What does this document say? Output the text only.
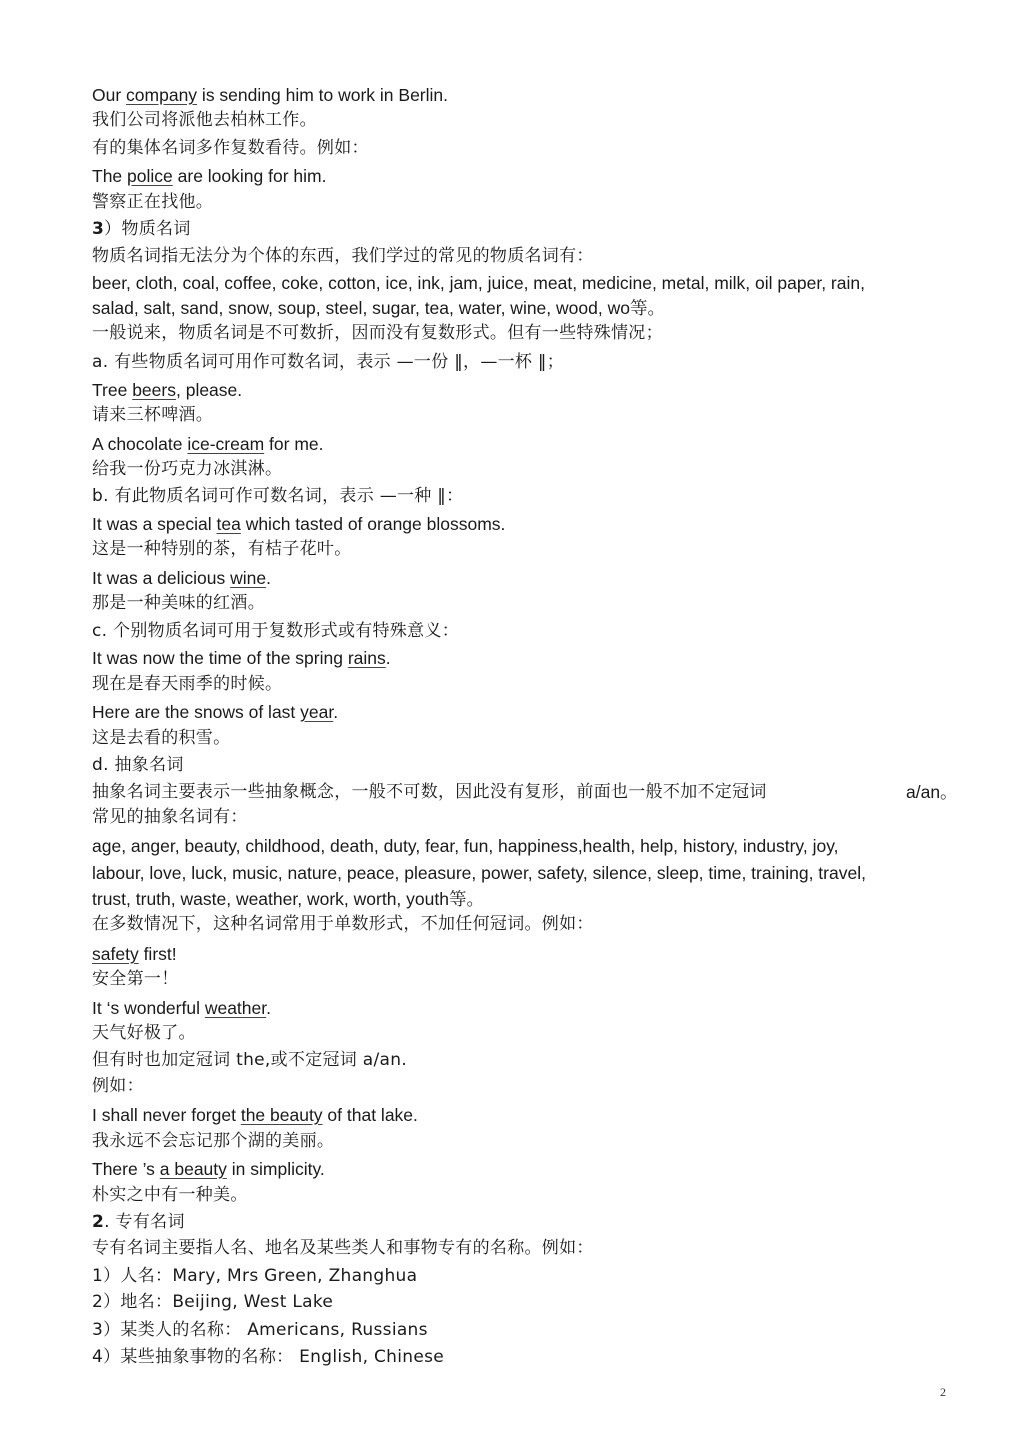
Our company is sending him to work in Berlin.
我们公司将派他去柏林工作。
有的集体名词多作复数看待。例如：
The police are looking for him.
警察正在找他。
3）物质名词
物质名词指无法分为个体的东西，我们学过的常见的物质名词有：
beer, cloth, coal, coffee, coke, cotton, ice, ink, jam, juice, meat, medicine, metal, milk, oil paper, rain,
salad, salt, sand, snow, soup, steel, sugar, tea, water, wine, wood, wo等。
一般说来，物质名词是不可数折，因而没有复数形式。但有一些特殊情况；
a. 有些物质名词可用作可数名词，表示 —一份 ‖，—一杯 ‖；
Tree beers, please.
请来三杯啤酒。
A chocolate ice-cream for me.
给我一份巧克力冰淇淋。
b. 有此物质名词可作可数名词，表示 —一种 ‖：
It was a special tea which tasted of orange blossoms.
这是一种特别的茶，有桔子花叶。
It was a delicious wine.
那是一种美味的红酒。
c. 个别物质名词可用于复数形式或有特殊意义：
It was now the time of the spring rains.
现在是春天雨季的时候。
Here are the snows of last year.
这是去看的积雪。
d. 抽象名词
抽象名词主要表示一些抽象概念，一般不可数，因此没有复形，前面也一般不加不定冠词	a/an。
常见的抽象名词有：
age, anger, beauty, childhood, death, duty, fear, fun, happiness,health, help, history, industry, joy,
labour, love, luck, music, nature, peace, pleasure, power, safety, silence, sleep, time, training, travel,
trust, truth, waste, weather, work, worth, youth等。
在多数情况下，这种名词常用于单数形式，不加任何冠词。例如：
safety first!
安全第一！
It ‘s wonderful weather.
天气好极了。
但有时也加定冠词 the,或不定冠词 a/an.
例如：
I shall never forget the beauty of that lake.
我永远不会忘记那个湖的美丽。
There ’s a beauty in simplicity.
朴实之中有一种美。
2. 专有名词
专有名词主要指人名、地名及某些类人和事物专有的名称。例如：
1）人名：Mary, Mrs Green, Zhanghua
2）地名：Beijing, West Lake
3）某类人的名称： Americans, Russians
4）某些抽象事物的名称： English, Chinese
2
